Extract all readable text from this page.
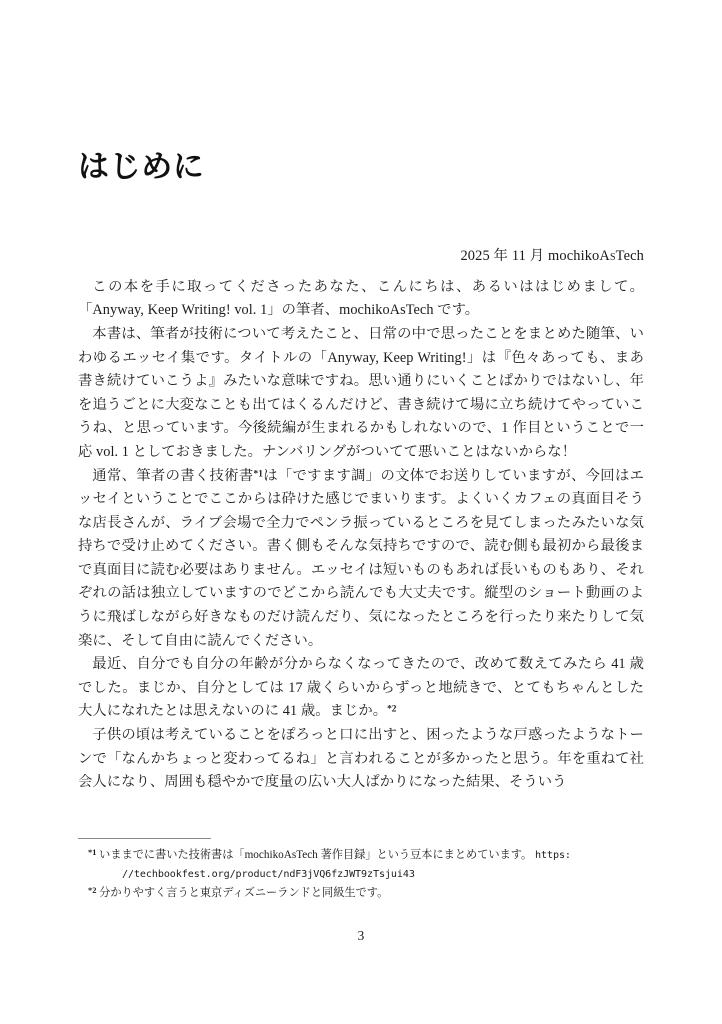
はじめに
2025 年 11 月 mochikoAsTech

この本を手に取ってくださったあなた、こんにちは、あるいははじめまして。「Anyway, Keep Writing! vol. 1」の筆者、mochikoAsTech です。

本書は、筆者が技術について考えたこと、日常の中で思ったことをまとめた随筆、いわゆるエッセイ集です。タイトルの「Anyway, Keep Writing!」は『色々あっても、まあ書き続けていこうよ』みたいな意味ですね。思い通りにいくことぱかりではないし、年を追うごとに大変なことも出てはくるんだけど、書き続けて場に立ち続けてやっていこうね、と思っています。今後続編が生まれるかもしれないので、1 作目ということで一応 vol. 1 としておきました。ナンバリングがついてて悪いことはないからな！

通常、筆者の書く技術書$^{*1}$は「ですます調」の文体でお送りしていますが、今回はエッセイということでここからは砕けた感じでまいります。よくいくカフェの真面目そうな店長さんが、ライブ会場で全力でペンラ振っているところを見てしまったみたいな気持ちで受け止めてください。書く側もそんな気持ちですので、読む側も最初から最後まで真面目に読む必要はありません。エッセイは短いものもあれば長いものもあり、それぞれの話は独立していますのでどこから読んでも大丈夫です。縦型のショート動画のように飛ばしながら好きなものだけ読んだり、気になったところを行ったり来たりして気楽に、そして自由に読んでください。

最近、自分でも自分の年齢が分からなくなってきたので、改めて数えてみたら 41 歳でした。まじか、自分としては 17 歳くらいからずっと地続きで、とてもちゃんとした大人になれたとは思えないのに 41 歳。まじか。$^{*2}$

子供の頃は考えていることをぽろっと口に出すと、困ったような戸惑ったようなトーンで「なんかちょっと変わってるね」と言われることが多かったと思う。年を重ねて社会人になり、周囲も穏やかで度量の広い大人ぱかりになった結果、そういう

$^{*1}$ いままでに書いた技術書は「mochikoAsTech 著作目録」という豆本にまとめています。 https:

//techbookfest.org/product/ndF3jVQ6fzJWT9zTsjui43

$^{*2}$ 分かりやすく言うと東京ディズニーランドと同級生です。

3
